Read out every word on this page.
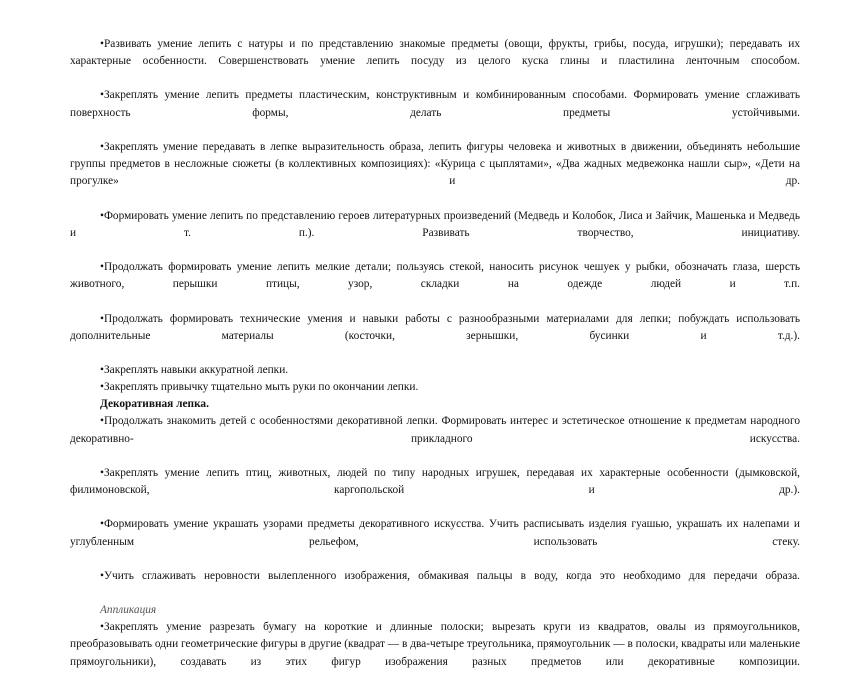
•Развивать умение лепить с натуры и по представлению знакомые предметы (овощи, фрукты, грибы, посуда, игрушки); передавать их характерные особенности. Совершенствовать умение лепить посуду из целого куска глины и пластилина ленточным способом.

•Закреплять умение лепить предметы пластическим, конструктивным и комбинированным способами. Формировать умение сглаживать поверхность формы, делать предметы устойчивыми.

•Закреплять умение передавать в лепке выразительность образа, лепить фигуры человека и животных в движении, объединять небольшие группы предметов в несложные сюжеты (в коллективных композициях): «Курица с цыплятами», «Два жадных медвежонка нашли сыр», «Дети на прогулке» и др.

•Формировать умение лепить по представлению героев литературных произведений (Медведь и Колобок, Лиса и Зайчик, Машенька и Медведь и т. п.). Развивать творчество, инициативу.

•Продолжать формировать умение лепить мелкие детали; пользуясь стекой, наносить рисунок чешуек у рыбки, обозначать глаза, шерсть животного, перышки птицы, узор, складки на одежде людей и т.п.

•Продолжать формировать технические умения и навыки работы с разнообразными материалами для лепки; побуждать использовать дополнительные материалы (косточки, зернышки, бусинки и т.д.).

•Закреплять навыки аккуратной лепки.

•Закреплять привычку тщательно мыть руки по окончании лепки.

Декоративная лепка.

•Продолжать знакомить детей с особенностями декоративной лепки. Формировать интерес и эстетическое отношение к предметам народного декоративно- прикладного искусства.

•Закреплять умение лепить птиц, животных, людей по типу народных игрушек, передавая их характерные особенности (дымковской, филимоновской, каргопольской и др.).

•Формировать умение украшать узорами предметы декоративного искусства. Учить расписывать изделия гуашью, украшать их налепами и углубленным рельефом, использовать стеку.

•Учить сглаживать неровности вылепленного изображения, обмакивая пальцы в воду, когда это необходимо для передачи образа.

Аппликация

•Закреплять умение разрезать бумагу на короткие и длинные полоски; вырезать круги из квадратов, овалы из прямоугольников, преобразовывать одни геометрические фигуры в другие (квадрат — в два-четыре треугольника, прямоугольник — в полоски, квадраты или маленькие прямоугольники), создавать из этих фигур изображения разных предметов или декоративные композиции.
